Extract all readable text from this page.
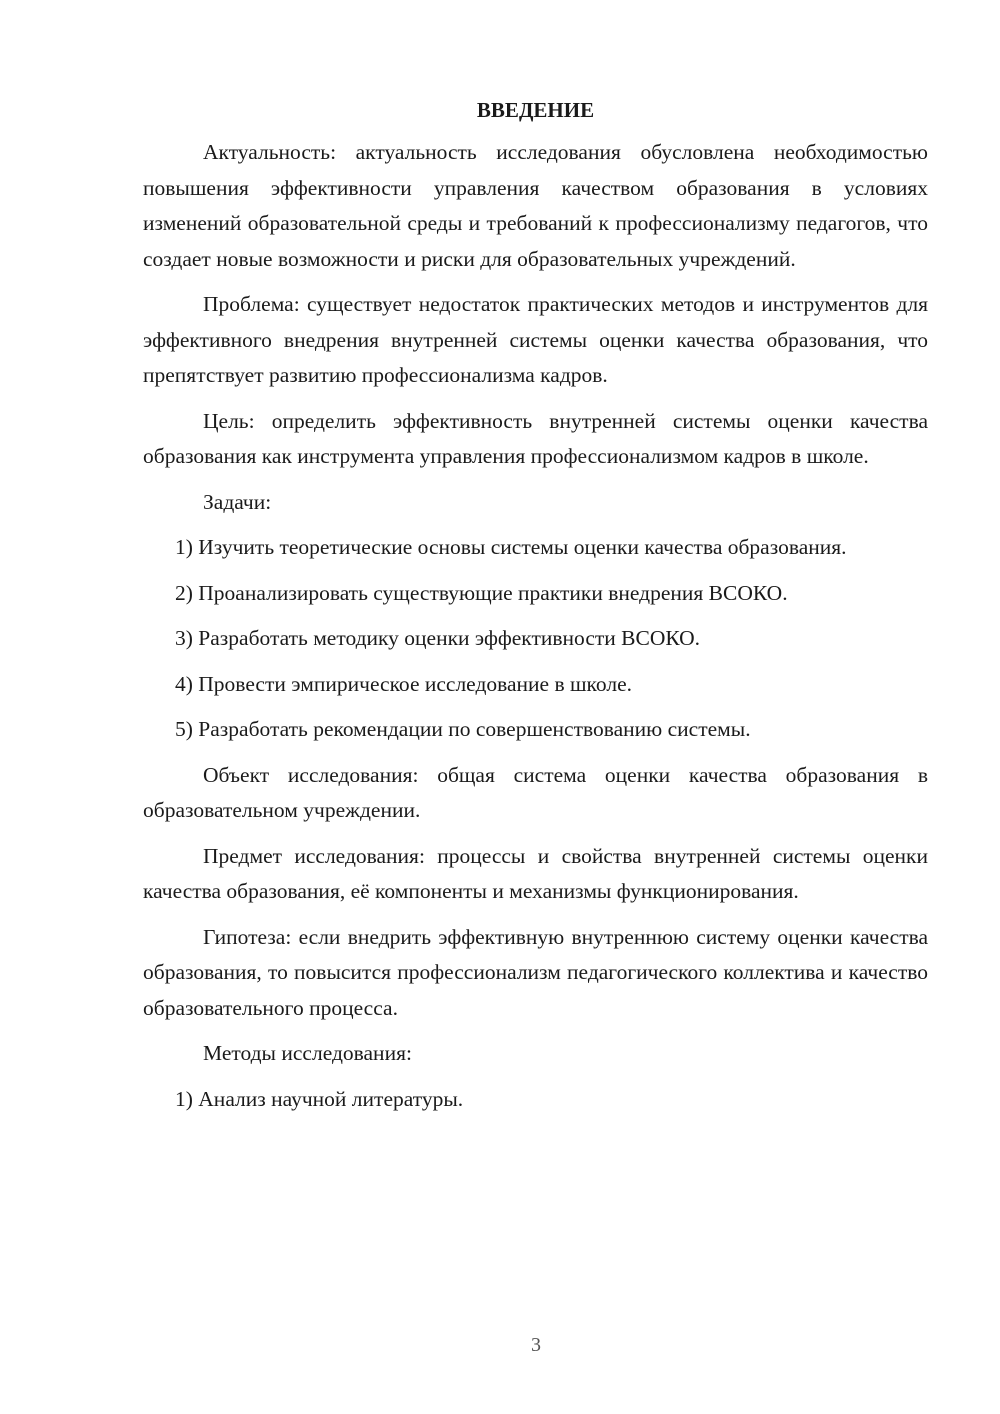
ВВЕДЕНИЕ

Актуальность: актуальность исследования обусловлена необходимостью повышения эффективности управления качеством образования в условиях изменений образовательной среды и требований к профессионализму педагогов, что создает новые возможности и риски для образовательных учреждений.

Проблема: существует недостаток практических методов и инструментов для эффективного внедрения внутренней системы оценки качества образования, что препятствует развитию профессионализма кадров.

Цель: определить эффективность внутренней системы оценки качества образования как инструмента управления профессионализмом кадров в школе.

Задачи:

1) Изучить теоретические основы системы оценки качества образования.

2) Проанализировать существующие практики внедрения ВСОКО.

3) Разработать методику оценки эффективности ВСОКО.

4) Провести эмпирическое исследование в школе.

5) Разработать рекомендации по совершенствованию системы.

Объект исследования: общая система оценки качества образования в образовательном учреждении.

Предмет исследования: процессы и свойства внутренней системы оценки качества образования, её компоненты и механизмы функционирования.

Гипотеза: если внедрить эффективную внутреннюю систему оценки качества образования, то повысится профессионализм педагогического коллектива и качество образовательного процесса.

Методы исследования:

1) Анализ научной литературы.

3
